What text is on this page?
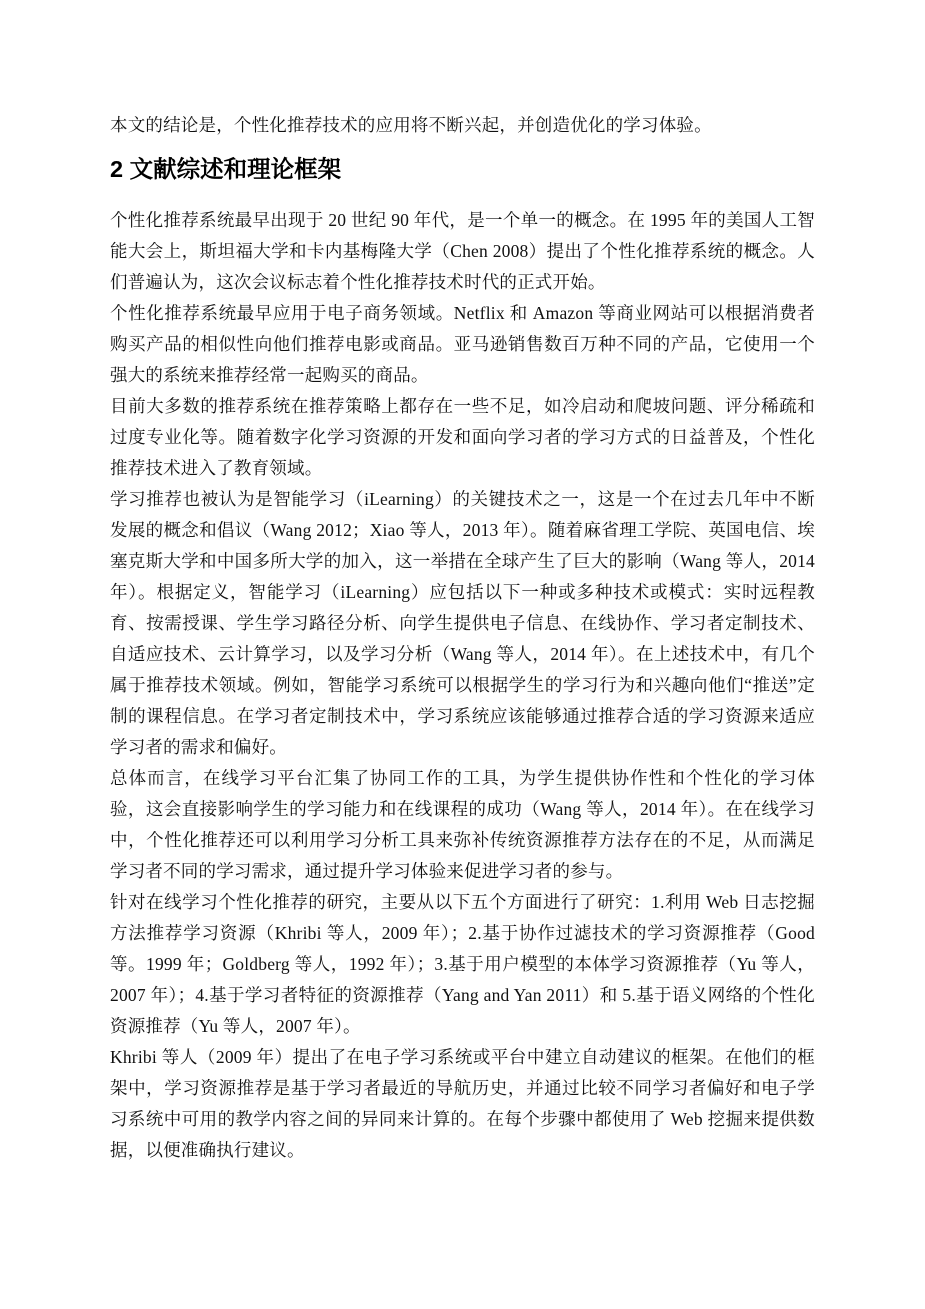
本文的结论是，个性化推荐技术的应用将不断兴起，并创造优化的学习体验。

2 文献综述和理论框架

个性化推荐系统最早出现于 20 世纪 90 年代，是一个单一的概念。在 1995 年的美国人工智能大会上，斯坦福大学和卡内基梅隆大学（Chen 2008）提出了个性化推荐系统的概念。人们普遍认为，这次会议标志着个性化推荐技术时代的正式开始。

个性化推荐系统最早应用于电子商务领域。Netflix 和 Amazon 等商业网站可以根据消费者购买产品的相似性向他们推荐电影或商品。亚马逊销售数百万种不同的产品，它使用一个强大的系统来推荐经常一起购买的商品。

目前大多数的推荐系统在推荐策略上都存在一些不足，如冷启动和爬坡问题、评分稀疏和过度专业化等。随着数字化学习资源的开发和面向学习者的学习方式的日益普及，个性化推荐技术进入了教育领域。

学习推荐也被认为是智能学习（iLearning）的关键技术之一，这是一个在过去几年中不断发展的概念和倡议（Wang 2012；Xiao 等人，2013 年）。随着麻省理工学院、英国电信、埃塞克斯大学和中国多所大学的加入，这一举措在全球产生了巨大的影响（Wang 等人，2014 年）。根据定义，智能学习（iLearning）应包括以下一种或多种技术或模式：实时远程教育、按需授课、学生学习路径分析、向学生提供电子信息、在线协作、学习者定制技术、自适应技术、云计算学习，以及学习分析（Wang 等人，2014 年）。在上述技术中，有几个属于推荐技术领域。例如，智能学习系统可以根据学生的学习行为和兴趣向他们“推送”定制的课程信息。在学习者定制技术中，学习系统应该能够通过推荐合适的学习资源来适应学习者的需求和偏好。

总体而言，在线学习平台汇集了协同工作的工具，为学生提供协作性和个性化的学习体验，这会直接影响学生的学习能力和在线课程的成功（Wang 等人，2014 年）。在在线学习中，个性化推荐还可以利用学习分析工具来弥补传统资源推荐方法存在的不足，从而满足学习者不同的学习需求，通过提升学习体验来促进学习者的参与。

针对在线学习个性化推荐的研究，主要从以下五个方面进行了研究：1.利用 Web 日志挖掘方法推荐学习资源（Khribi 等人，2009 年）；2.基于协作过滤技术的学习资源推荐（Good 等。1999 年；Goldberg 等人，1992 年）；3.基于用户模型的本体学习资源推荐（Yu 等人，2007 年）；4.基于学习者特征的资源推荐（Yang and Yan 2011）和 5.基于语义网络的个性化资源推荐（Yu 等人，2007 年）。

Khribi 等人（2009 年）提出了在电子学习系统或平台中建立自动建议的框架。在他们的框架中，学习资源推荐是基于学习者最近的导航历史，并通过比较不同学习者偏好和电子学习系统中可用的教学内容之间的异同来计算的。在每个步骤中都使用了 Web 挖掘来提供数据，以便准确执行建议。
